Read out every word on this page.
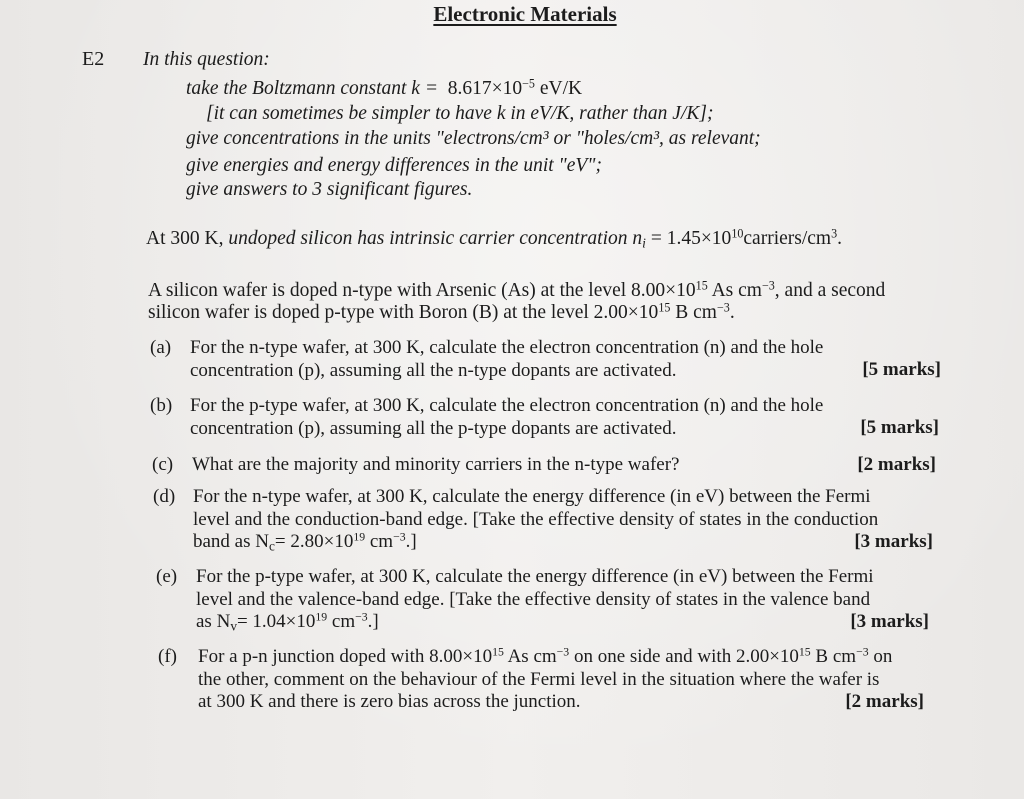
Electronic Materials
E2 In this question:
take the Boltzmann constant $k = 8.617\times 10^{-5}$ eV/K
[it can sometimes be simpler to have k in eV/K, rather than J/K];
give concentrations in the units "electrons/cm³ or "holes/cm³, as relevant;
give energies and energy differences in the unit "eV";
give answers to 3 significant figures.
At 300 K, undoped silicon has intrinsic carrier concentration $n_i$ = $1.45\times 10^{10}carriers/cm^3$.
A silicon wafer is doped n-type with Arsenic (As) at the level $8.00\times 10^{15}$ As $cm^{-3}$, and a second
silicon wafer is doped p-type with Boron (B) at the level $2.00\times 10^{15}$ B $cm^{-3}$.
(a) For the n-type wafer, at 300 K, calculate the electron concentration (n) and the hole
concentration (p), assuming all the n-type dopants are activated.	[5 marks]
(b) For the p-type wafer, at 300 K, calculate the electron concentration (n) and the hole
concentration (p), assuming all the p-type dopants are activated.	[5 marks]
(c) What are the majority and minority carriers in the n-type wafer?	[2 marks]
(d) For the n-type wafer, at 300 K, calculate the energy difference (in eV) between the Fermi
level and the conduction-band edge. [Take the effective density of states in the conduction
band as $N_c= 2.80\times 10^{19}$ $cm^{-3}$.]	[3 marks]
(e) For the p-type wafer, at 300 K, calculate the energy difference (in eV) between the Fermi
level and the valence-band edge. [Take the effective density of states in the valence band
as $N_v= 1.04\times 10^{19}$ $cm^{-3}$.]	[3 marks]
(f) For a p-n junction doped with $8.00\times 10^{15}$ As $cm^{-3}$ on one side and with $2.00\times 10^{15}$ B $cm^{-3}$ on
the other, comment on the behaviour of the Fermi level in the situation where the wafer is
at 300 K and there is zero bias across the junction.	[2 marks]
